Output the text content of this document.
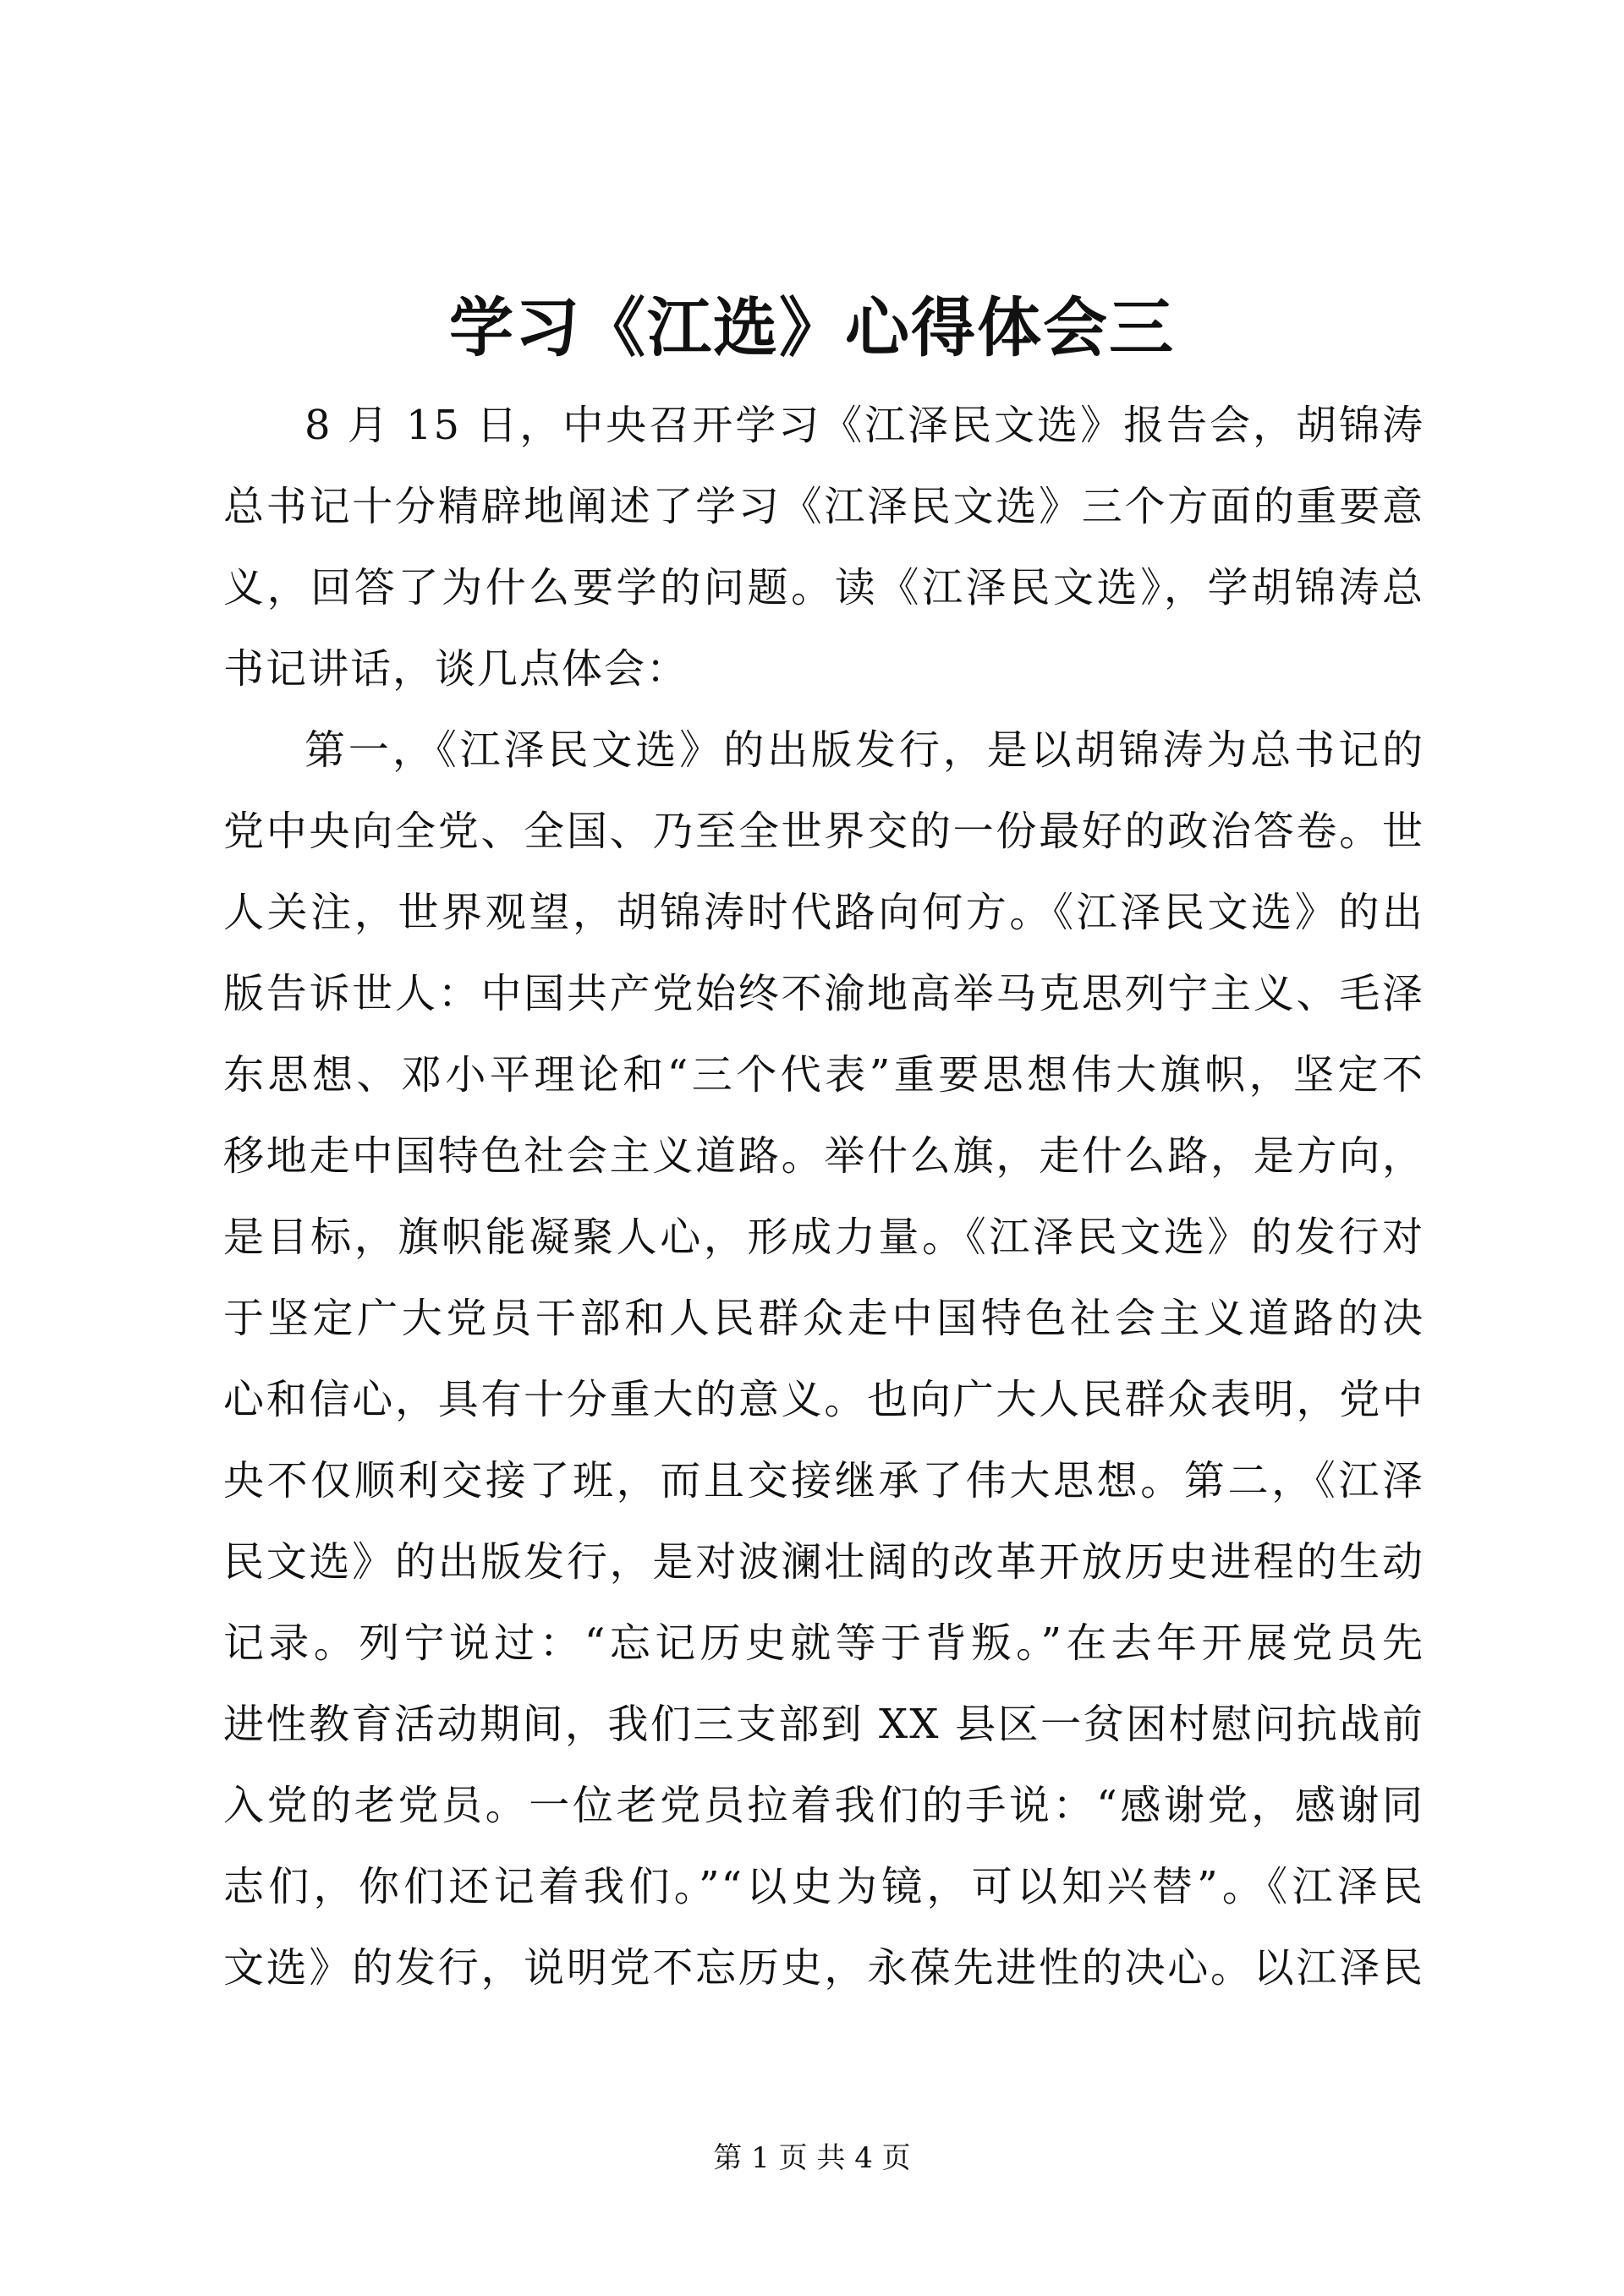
学习《江选》心得体会三
8 月 15 日，中央召开学习《江泽民文选》报告会，胡锦涛
总书记十分精辟地阐述了学习《江泽民文选》三个方面的重要意
义，回答了为什么要学的问题。读《江泽民文选》，学胡锦涛总
书记讲话，谈几点体会：
第一，《江泽民文选》的出版发行，是以胡锦涛为总书记的
党中央向全党、全国、乃至全世界交的一份最好的政治答卷。世
人关注，世界观望，胡锦涛时代路向何方。《江泽民文选》的出
版告诉世人：中国共产党始终不渝地高举马克思列宁主义、毛泽
东思想、邓小平理论和“三个代表”重要思想伟大旗帜，坚定不
移地走中国特色社会主义道路。举什么旗，走什么路，是方向，
是目标，旗帜能凝聚人心，形成力量。《江泽民文选》的发行对
于坚定广大党员干部和人民群众走中国特色社会主义道路的决
心和信心，具有十分重大的意义。也向广大人民群众表明，党中
央不仅顺利交接了班，而且交接继承了伟大思想。第二，《江泽
民文选》的出版发行，是对波澜壮阔的改革开放历史进程的生动
记录。列宁说过：“忘记历史就等于背叛。”在去年开展党员先
进性教育活动期间，我们三支部到 XX 县区一贫困村慰问抗战前
入党的老党员。一位老党员拉着我们的手说：“感谢党，感谢同
志们，你们还记着我们。”“以史为镜，可以知兴替”。《江泽民
文选》的发行，说明党不忘历史，永葆先进性的决心。以江泽民
第 1 页 共 4 页
